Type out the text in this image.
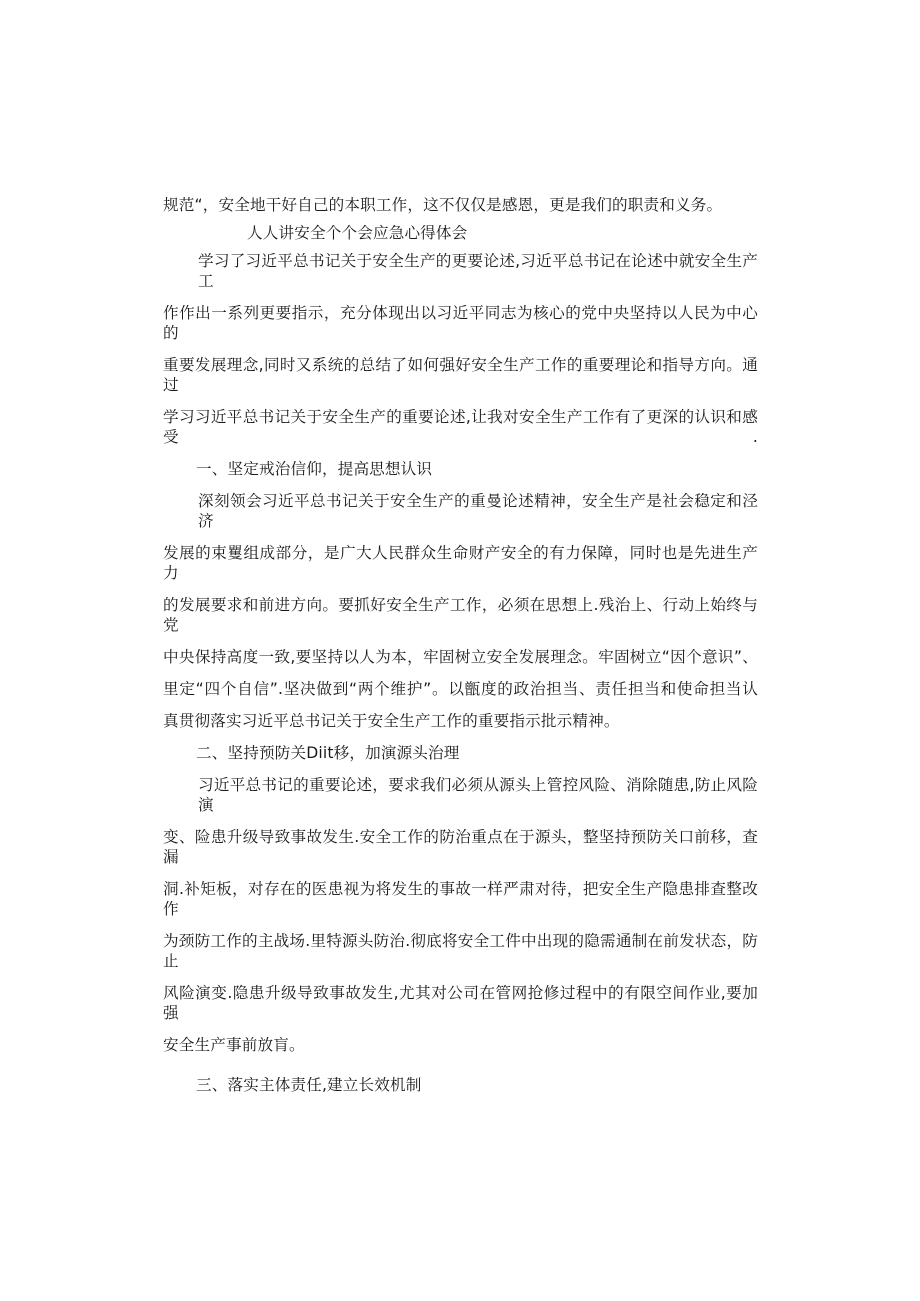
规范“，安全地干好自己的本职工作，这不仅仅是感恩，更是我们的职责和义务。

人人讲安全个个会应急心得体会

学习了习近平总书记关于安全生产的更要论述,习近平总书记在论述中就安全生产工

作作出一系列更要指示，充分体现出以习近平同志为核心的党中央坚持以人民为中心的

重要发展理念,同时又系统的总结了如何强好安全生产工作的重要理论和指导方向。通过

学习习近平总书记关于安全生产的重要论述,让我对安全生产工作有了更深的认识和感受.

一、坚定戒治信仰，提高思想认识

深刻领会习近平总书记关于安全生产的重曼论述精神，安全生产是社会稳定和泾济

发展的束矍组成部分，是广大人民群众生命财产安全的有力保障，同时也是先进生产力

的发展要求和前进方向。要抓好安全生产工作，必须在思想上.残治上、行动上始终与党

中央保持高度一致,要坚持以人为本，牢固树立安全发展理念。牢固树立“因个意识”、

里定“四个自信”.坚决做到“两个维护”。以甑度的政治担当、责任担当和使命担当认

真贯彻落实习近平总书记关于安全生产工作的重要指示批示精神。

二、坚持预防关Diit移，加演源头治理

习近平总书记的重要论述，要求我们必须从源头上管控风险、消除随患,防止风险演

变、险患升级导致事故发生.安全工作的防治重点在于源头，整坚持预防关口前移，查漏

洞.补矩板，对存在的医患视为将发生的事故一样严肃对待，把安全生产隐患排查整改作

为颈防工作的主战场.里特源头防治.彻底将安全工件中出现的隐需通制在前发状态，防止

风险演变.隐患升级导致事故发生,尤其对公司在管网抢修过程中的有限空间作业,要加强

安全生产事前放肓。

三、落实主体责任,建立长效机制
